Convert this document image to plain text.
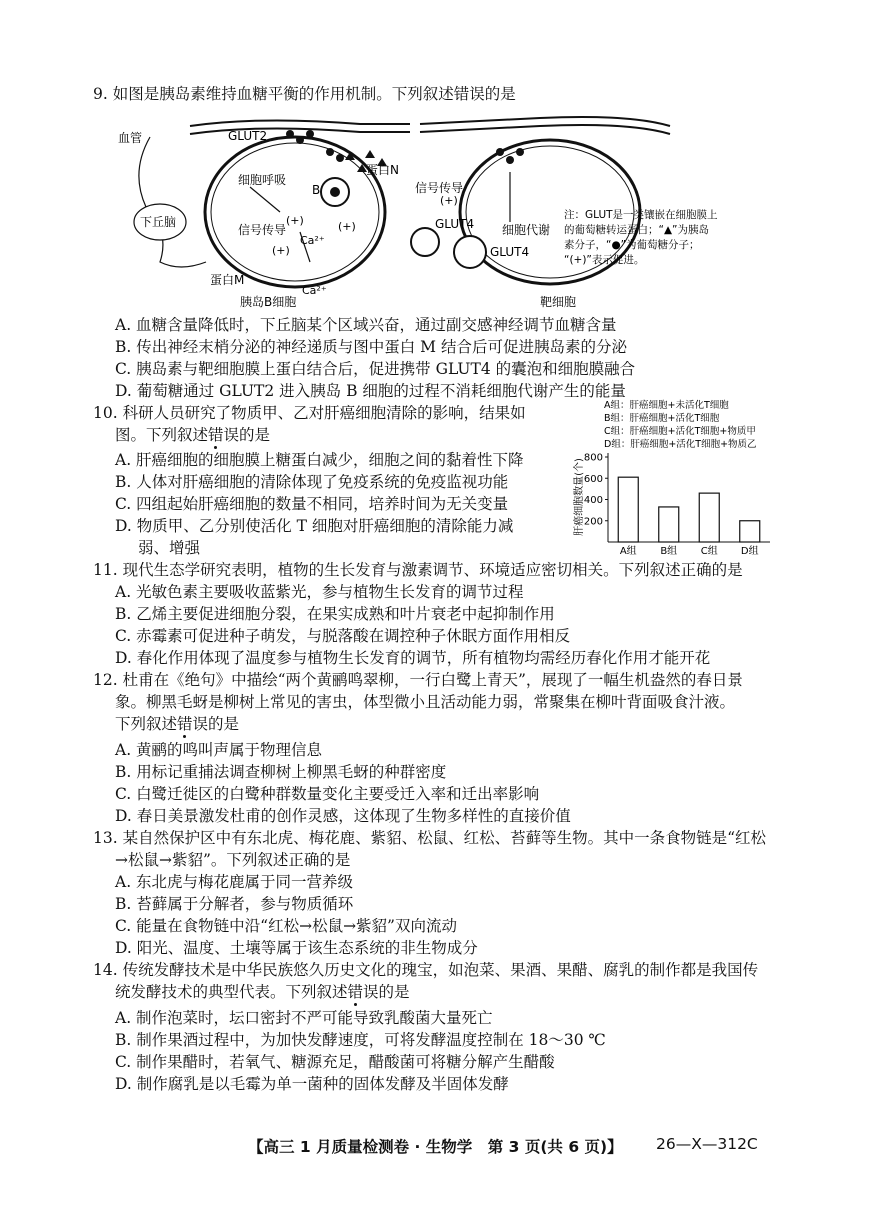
9. 如图是胰岛素维持血糖平衡的作用机制。下列叙述错误的是
血管	GLUT2
蛋白N
下丘脑
细胞呼吸
(+)
B
(+)
信号传导
(+)
Ca²⁺
Ca²⁺
蛋白M
胰岛B细胞
信号传导
(+)
GLUT4
GLUT4
细胞代谢
靶细胞
注：GLUT是一类镶嵌在细胞膜上
的葡萄糖转运蛋白；“▲”为胰岛
素分子，“●”为葡萄糖分子；
“(+)”表示促进。
A. 血糖含量降低时，下丘脑某个区域兴奋，通过副交感神经调节血糖含量
B. 传出神经末梢分泌的神经递质与图中蛋白 M 结合后可促进胰岛素的分泌
C. 胰岛素与靶细胞膜上蛋白结合后，促进携带 GLUT4 的囊泡和细胞膜融合
D. 葡萄糖通过 GLUT2 进入胰岛 B 细胞的过程不消耗细胞代谢产生的能量
10. 科研人员研究了物质甲、乙对肝癌细胞清除的影响，结果如
图。下列叙述错误的是
A. 肝癌细胞的细胞膜上糖蛋白减少，细胞之间的黏着性下降
B. 人体对肝癌细胞的清除体现了免疫系统的免疫监视功能
C. 四组起始肝癌细胞的数量不相同，培养时间为无关变量
D. 物质甲、乙分别使活化 T 细胞对肝癌细胞的清除能力减
弱、增强
A组：肝癌细胞+未活化T细胞
B组：肝癌细胞+活化T细胞
C组：肝癌细胞+活化T细胞+物质甲
D组：肝癌细胞+活化T细胞+物质乙
肝癌细胞数量(个)
200
400
600
800
A组 B组 C组 D组
11. 现代生态学研究表明，植物的生长发育与激素调节、环境适应密切相关。下列叙述正确的是
A. 光敏色素主要吸收蓝紫光，参与植物生长发育的调节过程
B. 乙烯主要促进细胞分裂，在果实成熟和叶片衰老中起抑制作用
C. 赤霉素可促进种子萌发，与脱落酸在调控种子休眠方面作用相反
D. 春化作用体现了温度参与植物生长发育的调节，所有植物均需经历春化作用才能开花
12. 杜甫在《绝句》中描绘“两个黄鹂鸣翠柳，一行白鹭上青天”，展现了一幅生机盎然的春日景
象。柳黑毛蚜是柳树上常见的害虫，体型微小且活动能力弱，常聚集在柳叶背面吸食汁液。
下列叙述错误的是
A. 黄鹂的鸣叫声属于物理信息
B. 用标记重捕法调查柳树上柳黑毛蚜的种群密度
C. 白鹭迁徙区的白鹭种群数量变化主要受迁入率和迁出率影响
D. 春日美景激发杜甫的创作灵感，这体现了生物多样性的直接价值
13. 某自然保护区中有东北虎、梅花鹿、紫貂、松鼠、红松、苔藓等生物。其中一条食物链是“红松
→松鼠→紫貂”。下列叙述正确的是
A. 东北虎与梅花鹿属于同一营养级
B. 苔藓属于分解者，参与物质循环
C. 能量在食物链中沿“红松→松鼠→紫貂”双向流动
D. 阳光、温度、土壤等属于该生态系统的非生物成分
14. 传统发酵技术是中华民族悠久历史文化的瑰宝，如泡菜、果酒、果醋、腐乳的制作都是我国传
统发酵技术的典型代表。下列叙述错误的是
A. 制作泡菜时，坛口密封不严可能导致乳酸菌大量死亡
B. 制作果酒过程中，为加快发酵速度，可将发酵温度控制在 18～30 ℃
C. 制作果醋时，若氧气、糖源充足，醋酸菌可将糖分解产生醋酸
D. 制作腐乳是以毛霉为单一菌种的固体发酵及半固体发酵
【高三 1 月质量检测卷 · 生物学　第 3 页(共 6 页)】 26—X—312C
